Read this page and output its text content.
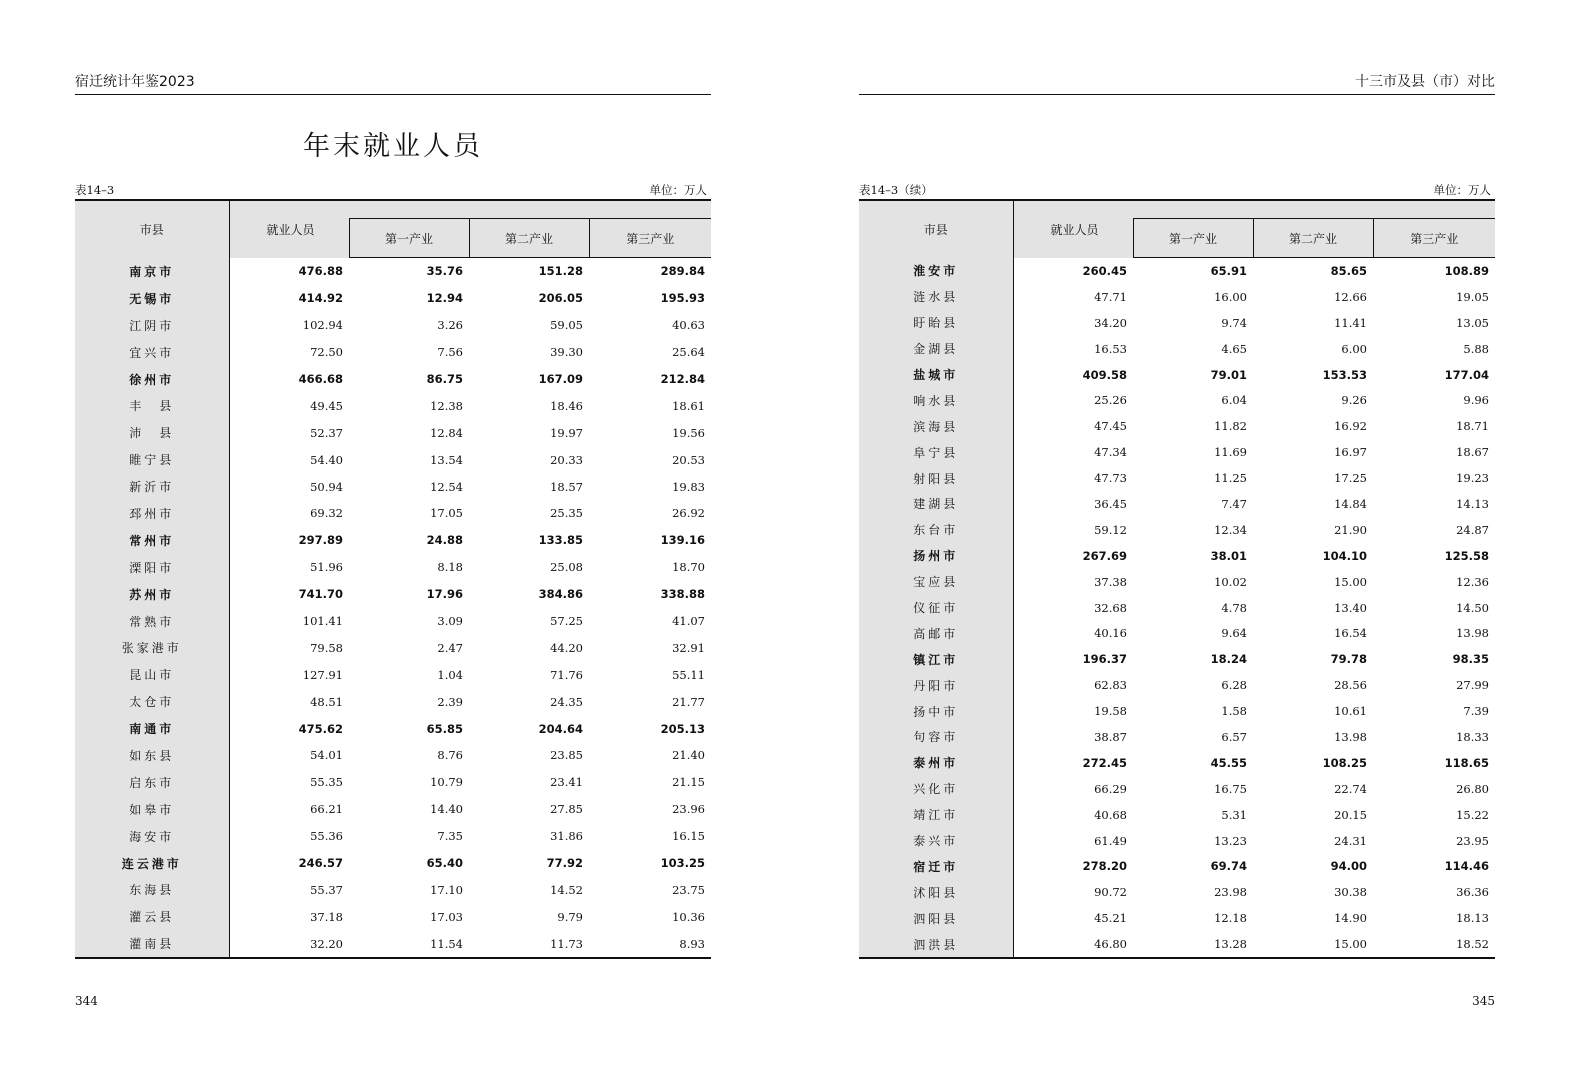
宿迁统计年鉴2023
年末就业人员
表14–3	单位：万人
市县	就业人员			
		第一产业	第二产业	第三产业
南京市	476.88	35.76	151.28	289.84
无锡市	414.92	12.94	206.05	195.93
江阴市	102.94	3.26	59.05	40.63
宜兴市	72.50	7.56	39.30	25.64
徐州市	466.68	86.75	167.09	212.84
丰　县	49.45	12.38	18.46	18.61
沛　县	52.37	12.84	19.97	19.56
睢宁县	54.40	13.54	20.33	20.53
新沂市	50.94	12.54	18.57	19.83
邳州市	69.32	17.05	25.35	26.92
常州市	297.89	24.88	133.85	139.16
溧阳市	51.96	8.18	25.08	18.70
苏州市	741.70	17.96	384.86	338.88
常熟市	101.41	3.09	57.25	41.07
张家港市	79.58	2.47	44.20	32.91
昆山市	127.91	1.04	71.76	55.11
太仓市	48.51	2.39	24.35	21.77
南通市	475.62	65.85	204.64	205.13
如东县	54.01	8.76	23.85	21.40
启东市	55.35	10.79	23.41	21.15
如皋市	66.21	14.40	27.85	23.96
海安市	55.36	7.35	31.86	16.15
连云港市	246.57	65.40	77.92	103.25
东海县	55.37	17.10	14.52	23.75
灌云县	37.18	17.03	9.79	10.36
灌南县	32.20	11.54	11.73	8.93
344
十三市及县（市）对比
表14–3（续）	单位：万人
市县	就业人员			
		第一产业	第二产业	第三产业
淮安市	260.45	65.91	85.65	108.89
涟水县	47.71	16.00	12.66	19.05
盱眙县	34.20	9.74	11.41	13.05
金湖县	16.53	4.65	6.00	5.88
盐城市	409.58	79.01	153.53	177.04
响水县	25.26	6.04	9.26	9.96
滨海县	47.45	11.82	16.92	18.71
阜宁县	47.34	11.69	16.97	18.67
射阳县	47.73	11.25	17.25	19.23
建湖县	36.45	7.47	14.84	14.13
东台市	59.12	12.34	21.90	24.87
扬州市	267.69	38.01	104.10	125.58
宝应县	37.38	10.02	15.00	12.36
仪征市	32.68	4.78	13.40	14.50
高邮市	40.16	9.64	16.54	13.98
镇江市	196.37	18.24	79.78	98.35
丹阳市	62.83	6.28	28.56	27.99
扬中市	19.58	1.58	10.61	7.39
句容市	38.87	6.57	13.98	18.33
泰州市	272.45	45.55	108.25	118.65
兴化市	66.29	16.75	22.74	26.80
靖江市	40.68	5.31	20.15	15.22
泰兴市	61.49	13.23	24.31	23.95
宿迁市	278.20	69.74	94.00	114.46
沭阳县	90.72	23.98	30.38	36.36
泗阳县	45.21	12.18	14.90	18.13
泗洪县	46.80	13.28	15.00	18.52
345
